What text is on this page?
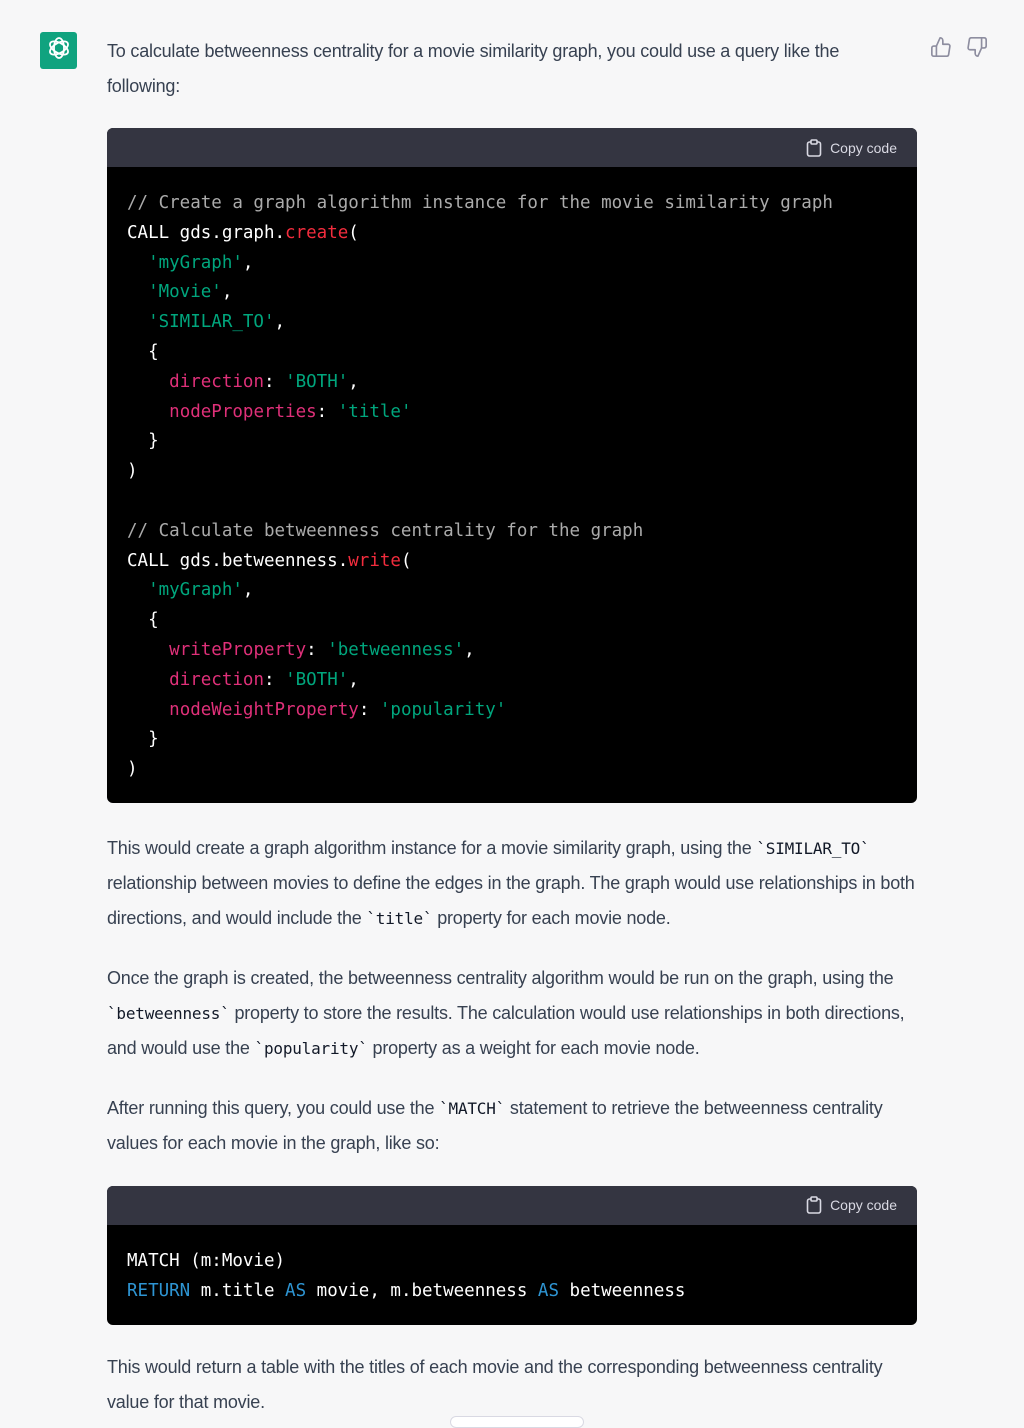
To calculate betweenness centrality for a movie similarity graph, you could use a query like the following:

Copy code
// Create a graph algorithm instance for the movie similarity graph
CALL gds.graph.create(
'myGraph',
'Movie',
'SIMILAR_TO',
{
direction: 'BOTH',
nodeProperties: 'title'
}
)

// Calculate betweenness centrality for the graph
CALL gds.betweenness.write(
'myGraph',
{
writeProperty: 'betweenness',
direction: 'BOTH',
nodeWeightProperty: 'popularity'
}
)

This would create a graph algorithm instance for a movie similarity graph, using the `SIMILAR_TO` relationship between movies to define the edges in the graph. The graph would use relationships in both directions, and would include the `title` property for each movie node.

Once the graph is created, the betweenness centrality algorithm would be run on the graph, using the `betweenness` property to store the results. The calculation would use relationships in both directions, and would use the `popularity` property as a weight for each movie node.

After running this query, you could use the `MATCH` statement to retrieve the betweenness centrality values for each movie in the graph, like so:

Copy code
MATCH (m:Movie)
RETURN m.title AS movie, m.betweenness AS betweenness

This would return a table with the titles of each movie and the corresponding betweenness centrality value for that movie.
